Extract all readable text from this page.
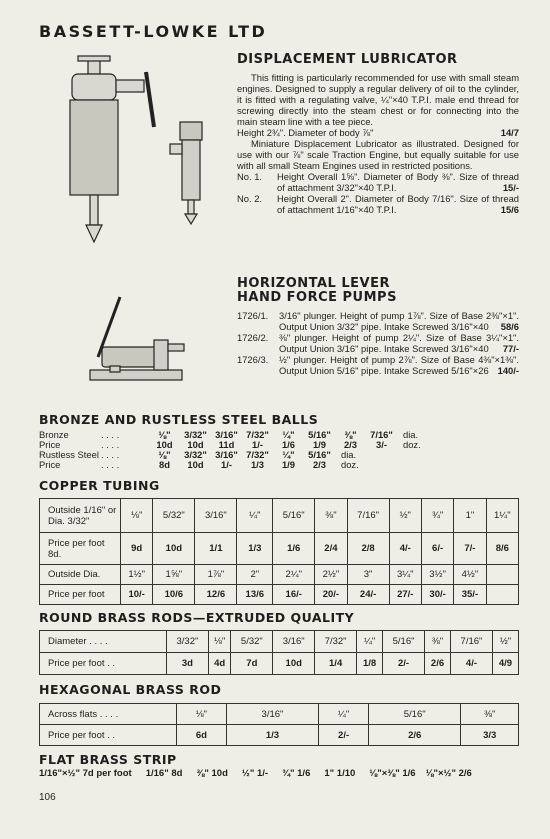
BASSETT-LOWKE LTD
DISPLACEMENT LUBRICATOR

This fitting is particularly recommended for use with small steam engines. Designed to supply a regular delivery of oil to the cylinder, it is fitted with a regulating valve, ¼"×40 T.P.I. male end thread for screwing directly into the steam chest or for connecting into the main steam line with a tee piece.

Height 2¾". Diameter of body ⅞"	14/7

Miniature Displacement Lubricator as illustrated. Designed for use with our ⅞" scale Traction Engine, but equally suitable for use with all small Steam Engines used in restricted positions.

No. 1.	Height Overall 1⅝". Diameter of Body ⅜". Size of thread of attachment 3/32"×40 T.P.I.	15/-
No. 2.	Height Overall 2". Diameter of Body 7/16". Size of thread of attachment 1/16"×40 T.P.I.	15/6
HORIZONTAL LEVER
HAND FORCE PUMPS
1726/1.	3/16" plunger. Height of pump 1⅞". Size of Base 2⅜"×1". Output Union 3/32" pipe. Intake Screwed 3/16"×40 58/6
1726/2.	⅜" plunger. Height of pump 2¼". Size of Base 3¼"×1". Output Union 3/16" pipe. Intake Screwed 3/16"×40 77/-
1726/3.	½" plunger. Height of pump 2⅞". Size of Base 4⅜"×1⅜". Output Union 5/16" pipe. Intake Screwed 5/16"×26 140/-
BRONZE AND RUSTLESS STEEL BALLS
Bronze	. . . .	⅛"	3/32" 3/16" 7/32"	¼"	5/16"	⅜"	7/16"	dia.
Price	. . . .	10d	10d	11d	1/-	1/6	1/9	2/3	3/-	doz.
Rustless Steel . . . .	⅛"	3/32" 3/16" 7/32"	¼"	5/16"	dia.
Price	. . . .	8d	10d	1/-	1/3	1/9	2/3	doz.
COPPER TUBING
Outside 1/16" or Dia. 3/32"	⅛"	5/32"	3/16"	¼"	5/16"	⅜"	7/16"	½"	¾"	1"	1¼"
Price per foot 8d.	9d	10d	1/1	1/3	1/6	2/4	2/8	4/-	6/-	7/-	8/6
Outside Dia.	1½"	1⅝"	1⅞"	2"	2¼"	2½"	3"	3¼"	3½"	4½"	
Price per foot	10/-	10/6	12/6	13/6	16/-	20/-	24/-	27/-	30/-	35/-	
ROUND BRASS RODS—EXTRUDED QUALITY
Diameter . . . .	3/32"	⅛"	5/32"	3/16"	7/32"	¼"	5/16"	⅜"	7/16"	½"
Price per foot . .	3d	4d	7d	10d	1/4	1/8	2/-	2/6	4/-	4/9
HEXAGONAL BRASS ROD
Across flats . . . .	⅛"	3/16"	¼"	5/16"	⅜"
Price per foot . .	6d	1/3	2/-	2/6	3/3
FLAT BRASS STRIP
1/16"×½" 7d per foot 1/16" 8d ⅜" 10d ½" 1/- ¾" 1/6 1" 1/10 ⅛"×⅜" 1/6 ⅛"×½" 2/6
106
